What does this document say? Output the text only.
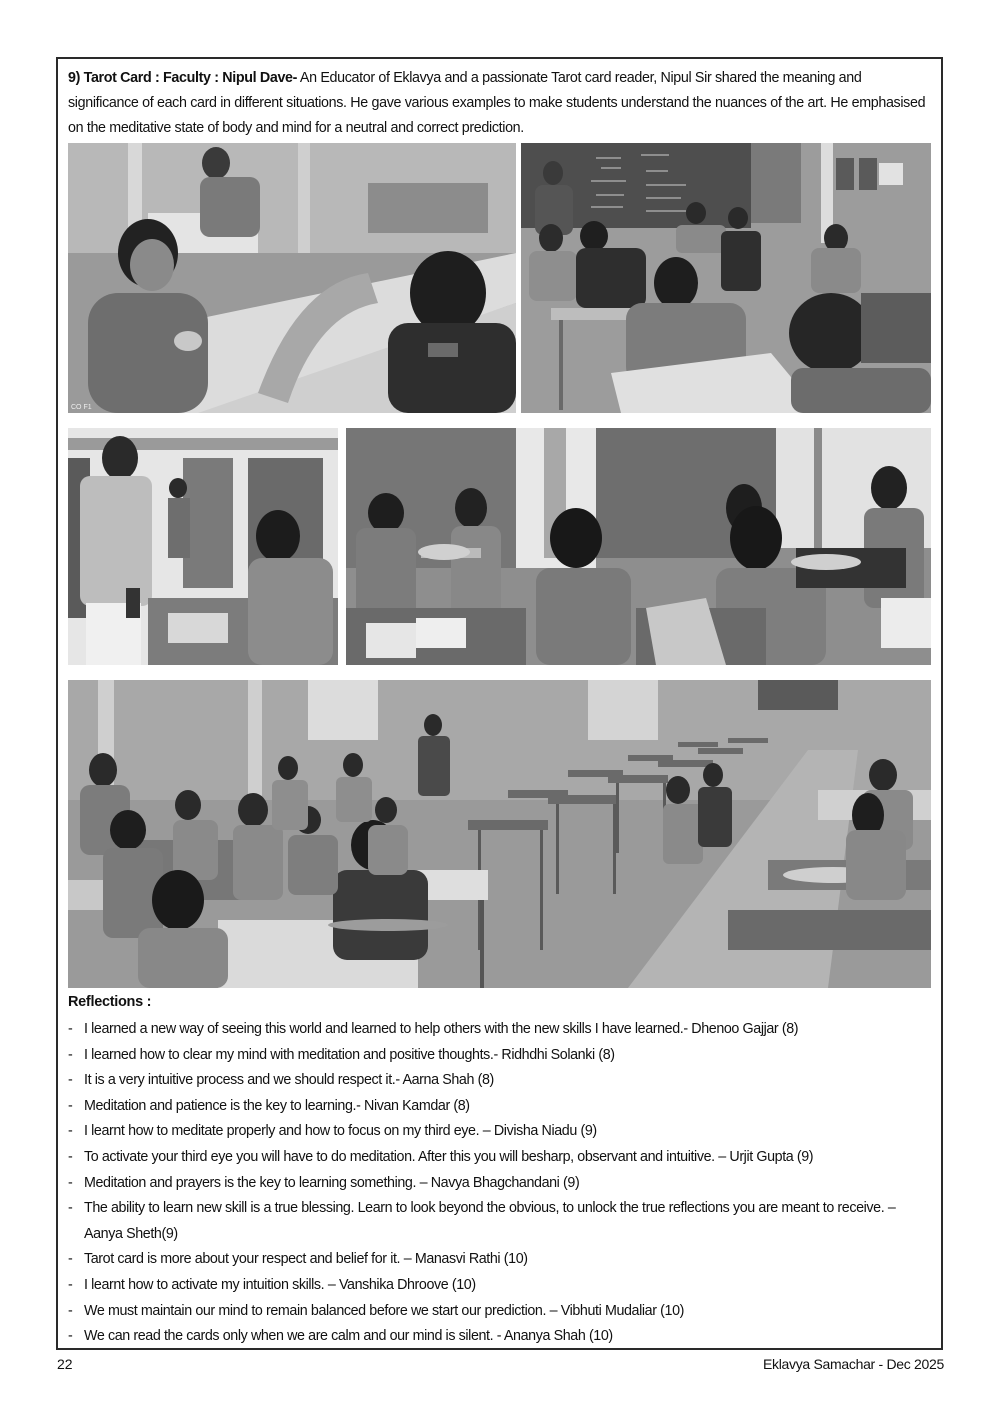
9) Tarot Card : Faculty : Nipul Dave- An Educator of Eklavya and a passionate Tarot card reader, Nipul Sir shared the meaning and significance of each card in different situations. He gave various examples to make students understand the nuances of the art. He emphasised on the meditative state of body and mind for a neutral and correct prediction.
CO F1
Reflections :
- I learned a new way of seeing this world and learned to help others with the new skills I have learned.- Dhenoo Gajjar (8)
- I learned how to clear my mind with meditation and positive thoughts.- Ridhdhi Solanki (8)
- It is a very intuitive process and we should respect it.- Aarna Shah (8)
- Meditation and patience is the key to learning.- Nivan Kamdar (8)
- I learnt how to meditate properly and how to focus on my third eye. – Divisha Niadu (9)
- To activate your third eye you will have to do meditation. After this you will besharp, observant and intuitive. – Urjit Gupta (9)
- Meditation and prayers is the key to learning something. – Navya Bhagchandani (9)
- The ability to learn new skill is a true blessing. Learn to look beyond the obvious, to unlock the true reflections you are meant to receive. – Aanya Sheth(9)
- Tarot card is more about your respect and belief for it. – Manasvi Rathi (10)
- I learnt how to activate my intuition skills. – Vanshika Dhroove (10)
- We must maintain our mind to remain balanced before we start our prediction. – Vibhuti Mudaliar (10)
- We can read the cards only when we are calm and our mind is silent. - Ananya Shah (10)
22	Eklavya Samachar - Dec 2025
